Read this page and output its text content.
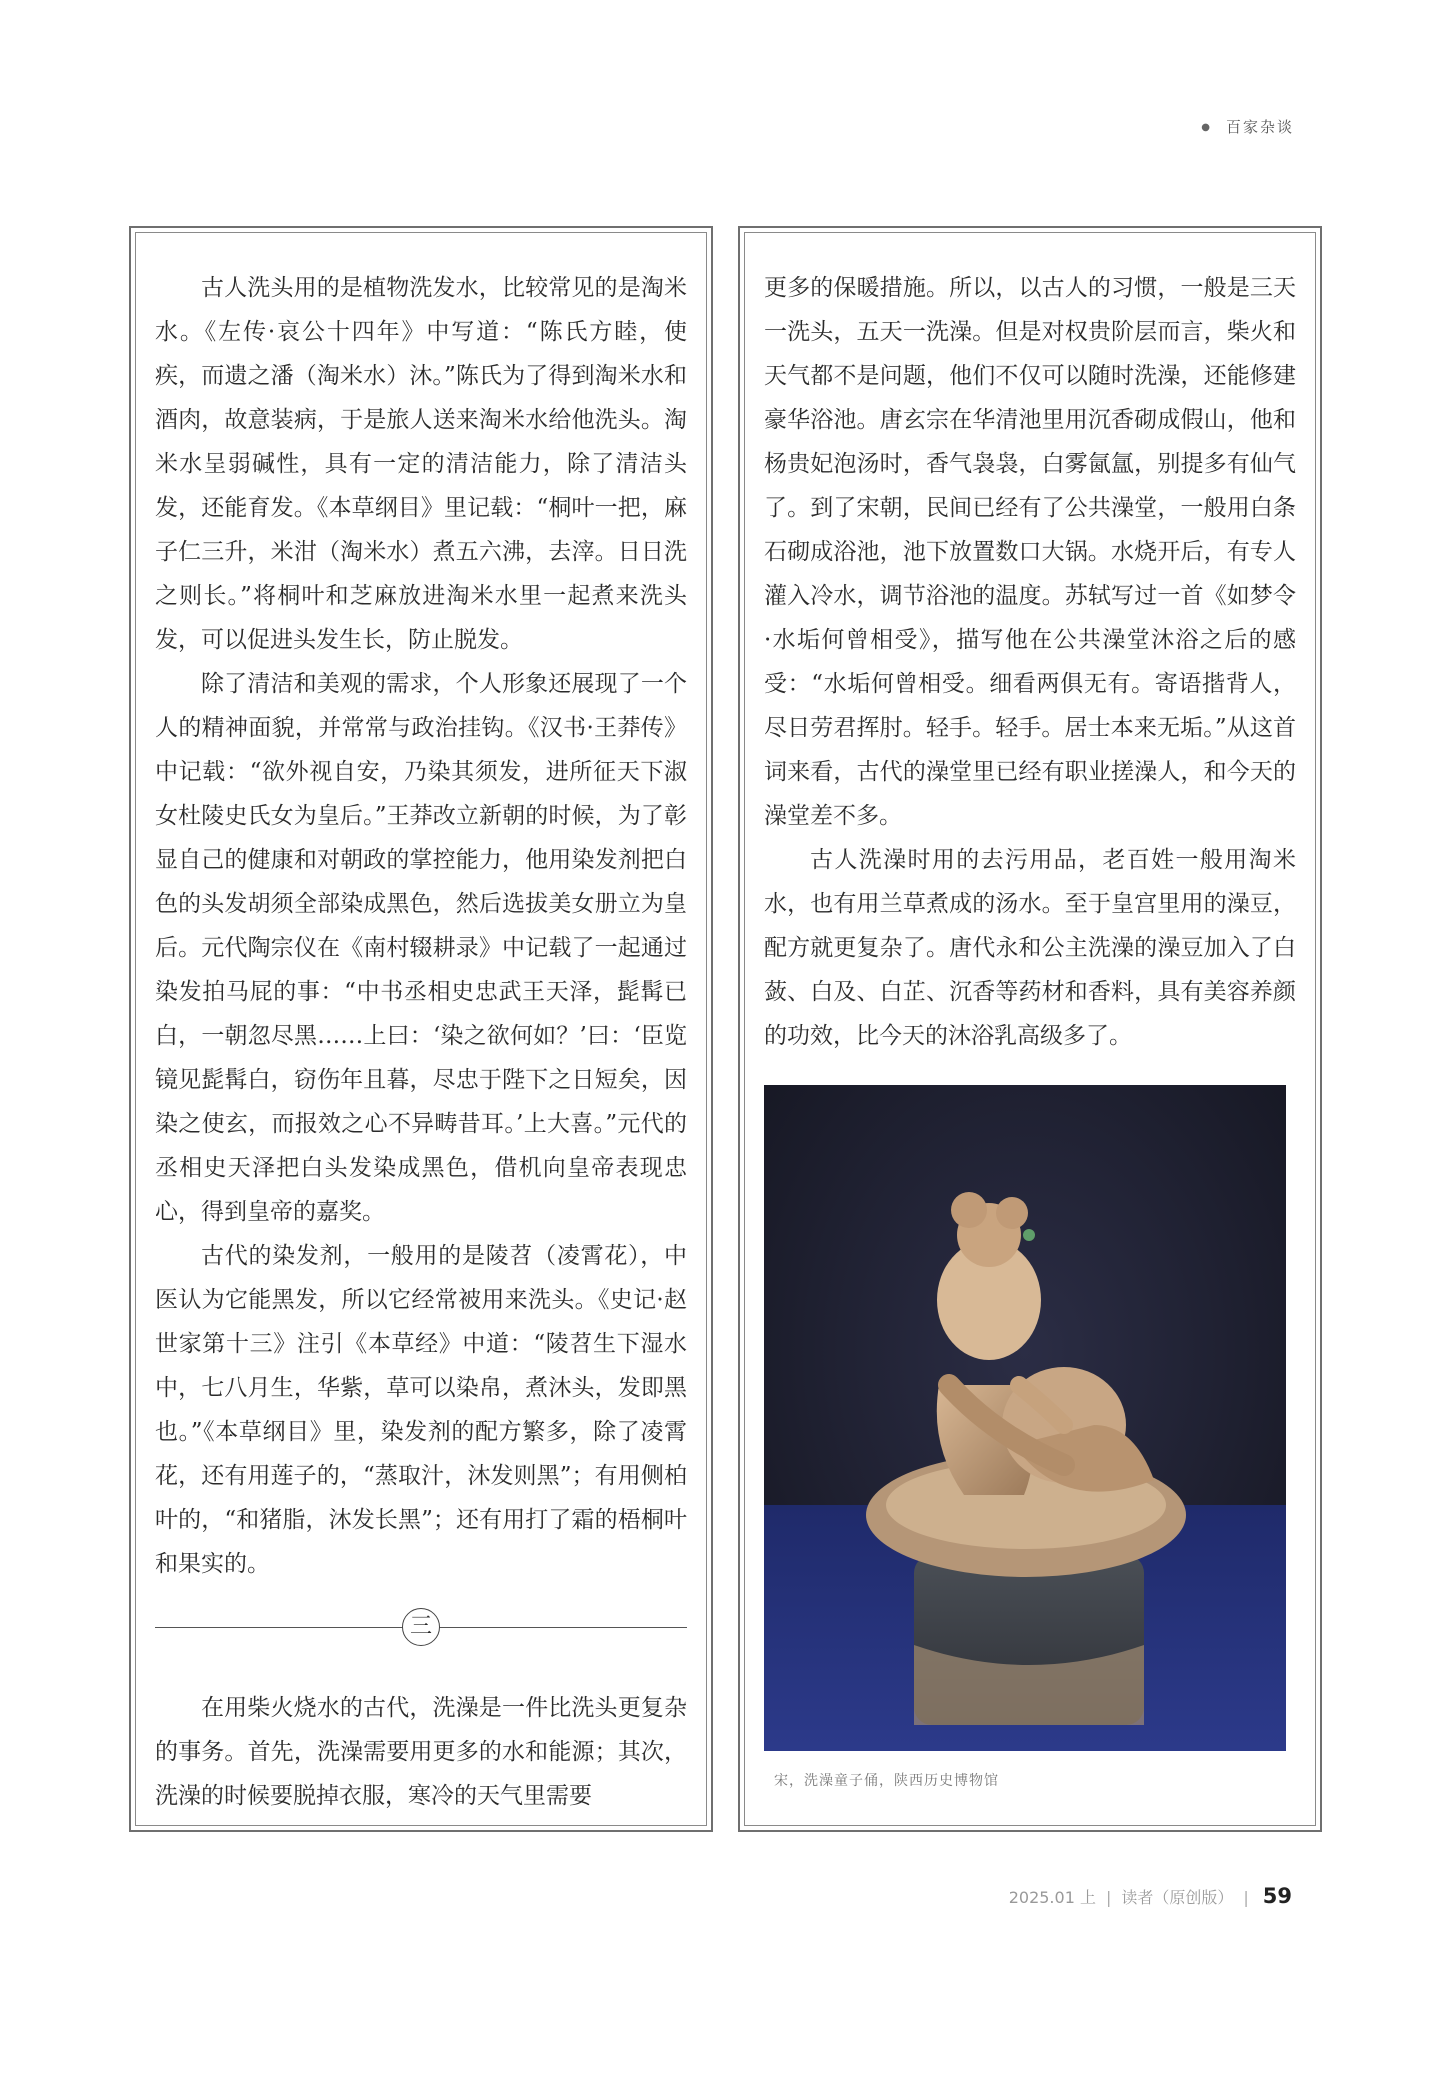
● 百家杂谈

古人洗头用的是植物洗发水，比较常见的是淘米水。《左传·哀公十四年》中写道：“陈氏方睦，使疾，而遗之潘（淘米水）沐。”陈氏为了得到淘米水和酒肉，故意装病，于是旅人送来淘米水给他洗头。淘米水呈弱碱性，具有一定的清洁能力，除了清洁头发，还能育发。《本草纲目》里记载：“桐叶一把，麻子仁三升，米泔（淘米水）煮五六沸，去滓。日日洗之则长。”将桐叶和芝麻放进淘米水里一起煮来洗头发，可以促进头发生长，防止脱发。

除了清洁和美观的需求，个人形象还展现了一个人的精神面貌，并常常与政治挂钩。《汉书·王莽传》中记载：“欲外视自安，乃染其须发，进所征天下淑女杜陵史氏女为皇后。”王莽改立新朝的时候，为了彰显自己的健康和对朝政的掌控能力，他用染发剂把白色的头发胡须全部染成黑色，然后选拔美女册立为皇后。元代陶宗仪在《南村辍耕录》中记载了一起通过染发拍马屁的事：“中书丞相史忠武王天泽，髭髯已白，一朝忽尽黑……上曰：‘染之欲何如？’曰：‘臣览镜见髭髯白，窃伤年且暮，尽忠于陛下之日短矣，因染之使玄，而报效之心不异畴昔耳。’上大喜。”元代的丞相史天泽把白头发染成黑色，借机向皇帝表现忠心，得到皇帝的嘉奖。

古代的染发剂，一般用的是陵苕（凌霄花），中医认为它能黑发，所以它经常被用来洗头。《史记·赵世家第十三》注引《本草经》中道：“陵苕生下湿水中，七八月生，华紫，草可以染帛，煮沐头，发即黑也。”《本草纲目》里，染发剂的配方繁多，除了凌霄花，还有用莲子的，“蒸取汁，沐发则黑”；有用侧柏叶的，“和猪脂，沐发长黑”；还有用打了霜的梧桐叶和果实的。

三

在用柴火烧水的古代，洗澡是一件比洗头更复杂的事务。首先，洗澡需要用更多的水和能源；其次，洗澡的时候要脱掉衣服，寒冷的天气里需要

更多的保暖措施。所以，以古人的习惯，一般是三天一洗头，五天一洗澡。但是对权贵阶层而言，柴火和天气都不是问题，他们不仅可以随时洗澡，还能修建豪华浴池。唐玄宗在华清池里用沉香砌成假山，他和杨贵妃泡汤时，香气袅袅，白雾氤氲，别提多有仙气了。到了宋朝，民间已经有了公共澡堂，一般用白条石砌成浴池，池下放置数口大锅。水烧开后，有专人灌入冷水，调节浴池的温度。苏轼写过一首《如梦令·水垢何曾相受》，描写他在公共澡堂沐浴之后的感受：“水垢何曾相受。细看两俱无有。寄语揩背人，尽日劳君挥肘。轻手。轻手。居士本来无垢。”从这首词来看，古代的澡堂里已经有职业搓澡人，和今天的澡堂差不多。

古人洗澡时用的去污用品，老百姓一般用淘米水，也有用兰草煮成的汤水。至于皇宫里用的澡豆，配方就更复杂了。唐代永和公主洗澡的澡豆加入了白蔹、白及、白芷、沉香等药材和香料，具有美容养颜的功效，比今天的沐浴乳高级多了。

宋，洗澡童子俑，陕西历史博物馆
2025.01 上 | 读者（原创版） | 59
